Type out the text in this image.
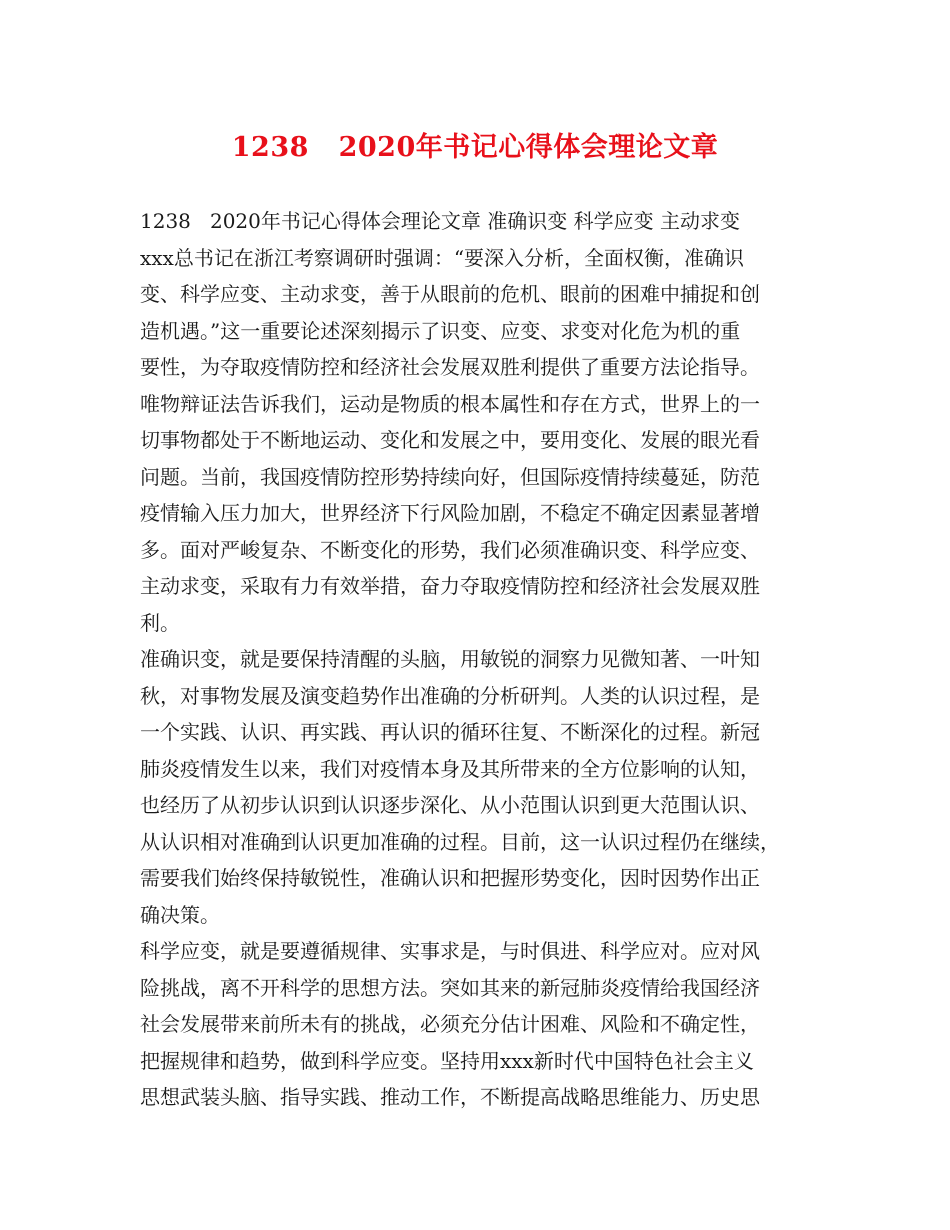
1238   2020年书记心得体会理论文章
1238   2020年书记心得体会理论文章 准确识变 科学应变 主动求变
xxx总书记在浙江考察调研时强调：“要深入分析，全面权衡，准确识
变、科学应变、主动求变，善于从眼前的危机、眼前的困难中捕捉和创
造机遇。”这一重要论述深刻揭示了识变、应变、求变对化危为机的重
要性，为夺取疫情防控和经济社会发展双胜利提供了重要方法论指导。
唯物辩证法告诉我们，运动是物质的根本属性和存在方式，世界上的一
切事物都处于不断地运动、变化和发展之中，要用变化、发展的眼光看
问题。当前，我国疫情防控形势持续向好，但国际疫情持续蔓延，防范
疫情输入压力加大，世界经济下行风险加剧，不稳定不确定因素显著增
多。面对严峻复杂、不断变化的形势，我们必须准确识变、科学应变、
主动求变，采取有力有效举措，奋力夺取疫情防控和经济社会发展双胜
利。
准确识变，就是要保持清醒的头脑，用敏锐的洞察力见微知著、一叶知
秋，对事物发展及演变趋势作出准确的分析研判。人类的认识过程，是
一个实践、认识、再实践、再认识的循环往复、不断深化的过程。新冠
肺炎疫情发生以来，我们对疫情本身及其所带来的全方位影响的认知，
也经历了从初步认识到认识逐步深化、从小范围认识到更大范围认识、
从认识相对准确到认识更加准确的过程。目前，这一认识过程仍在继续，
需要我们始终保持敏锐性，准确认识和把握形势变化，因时因势作出正
确决策。
科学应变，就是要遵循规律、实事求是，与时俱进、科学应对。应对风
险挑战，离不开科学的思想方法。突如其来的新冠肺炎疫情给我国经济
社会发展带来前所未有的挑战，必须充分估计困难、风险和不确定性，
把握规律和趋势，做到科学应变。坚持用xxx新时代中国特色社会主义
思想武装头脑、指导实践、推动工作，不断提高战略思维能力、历史思
